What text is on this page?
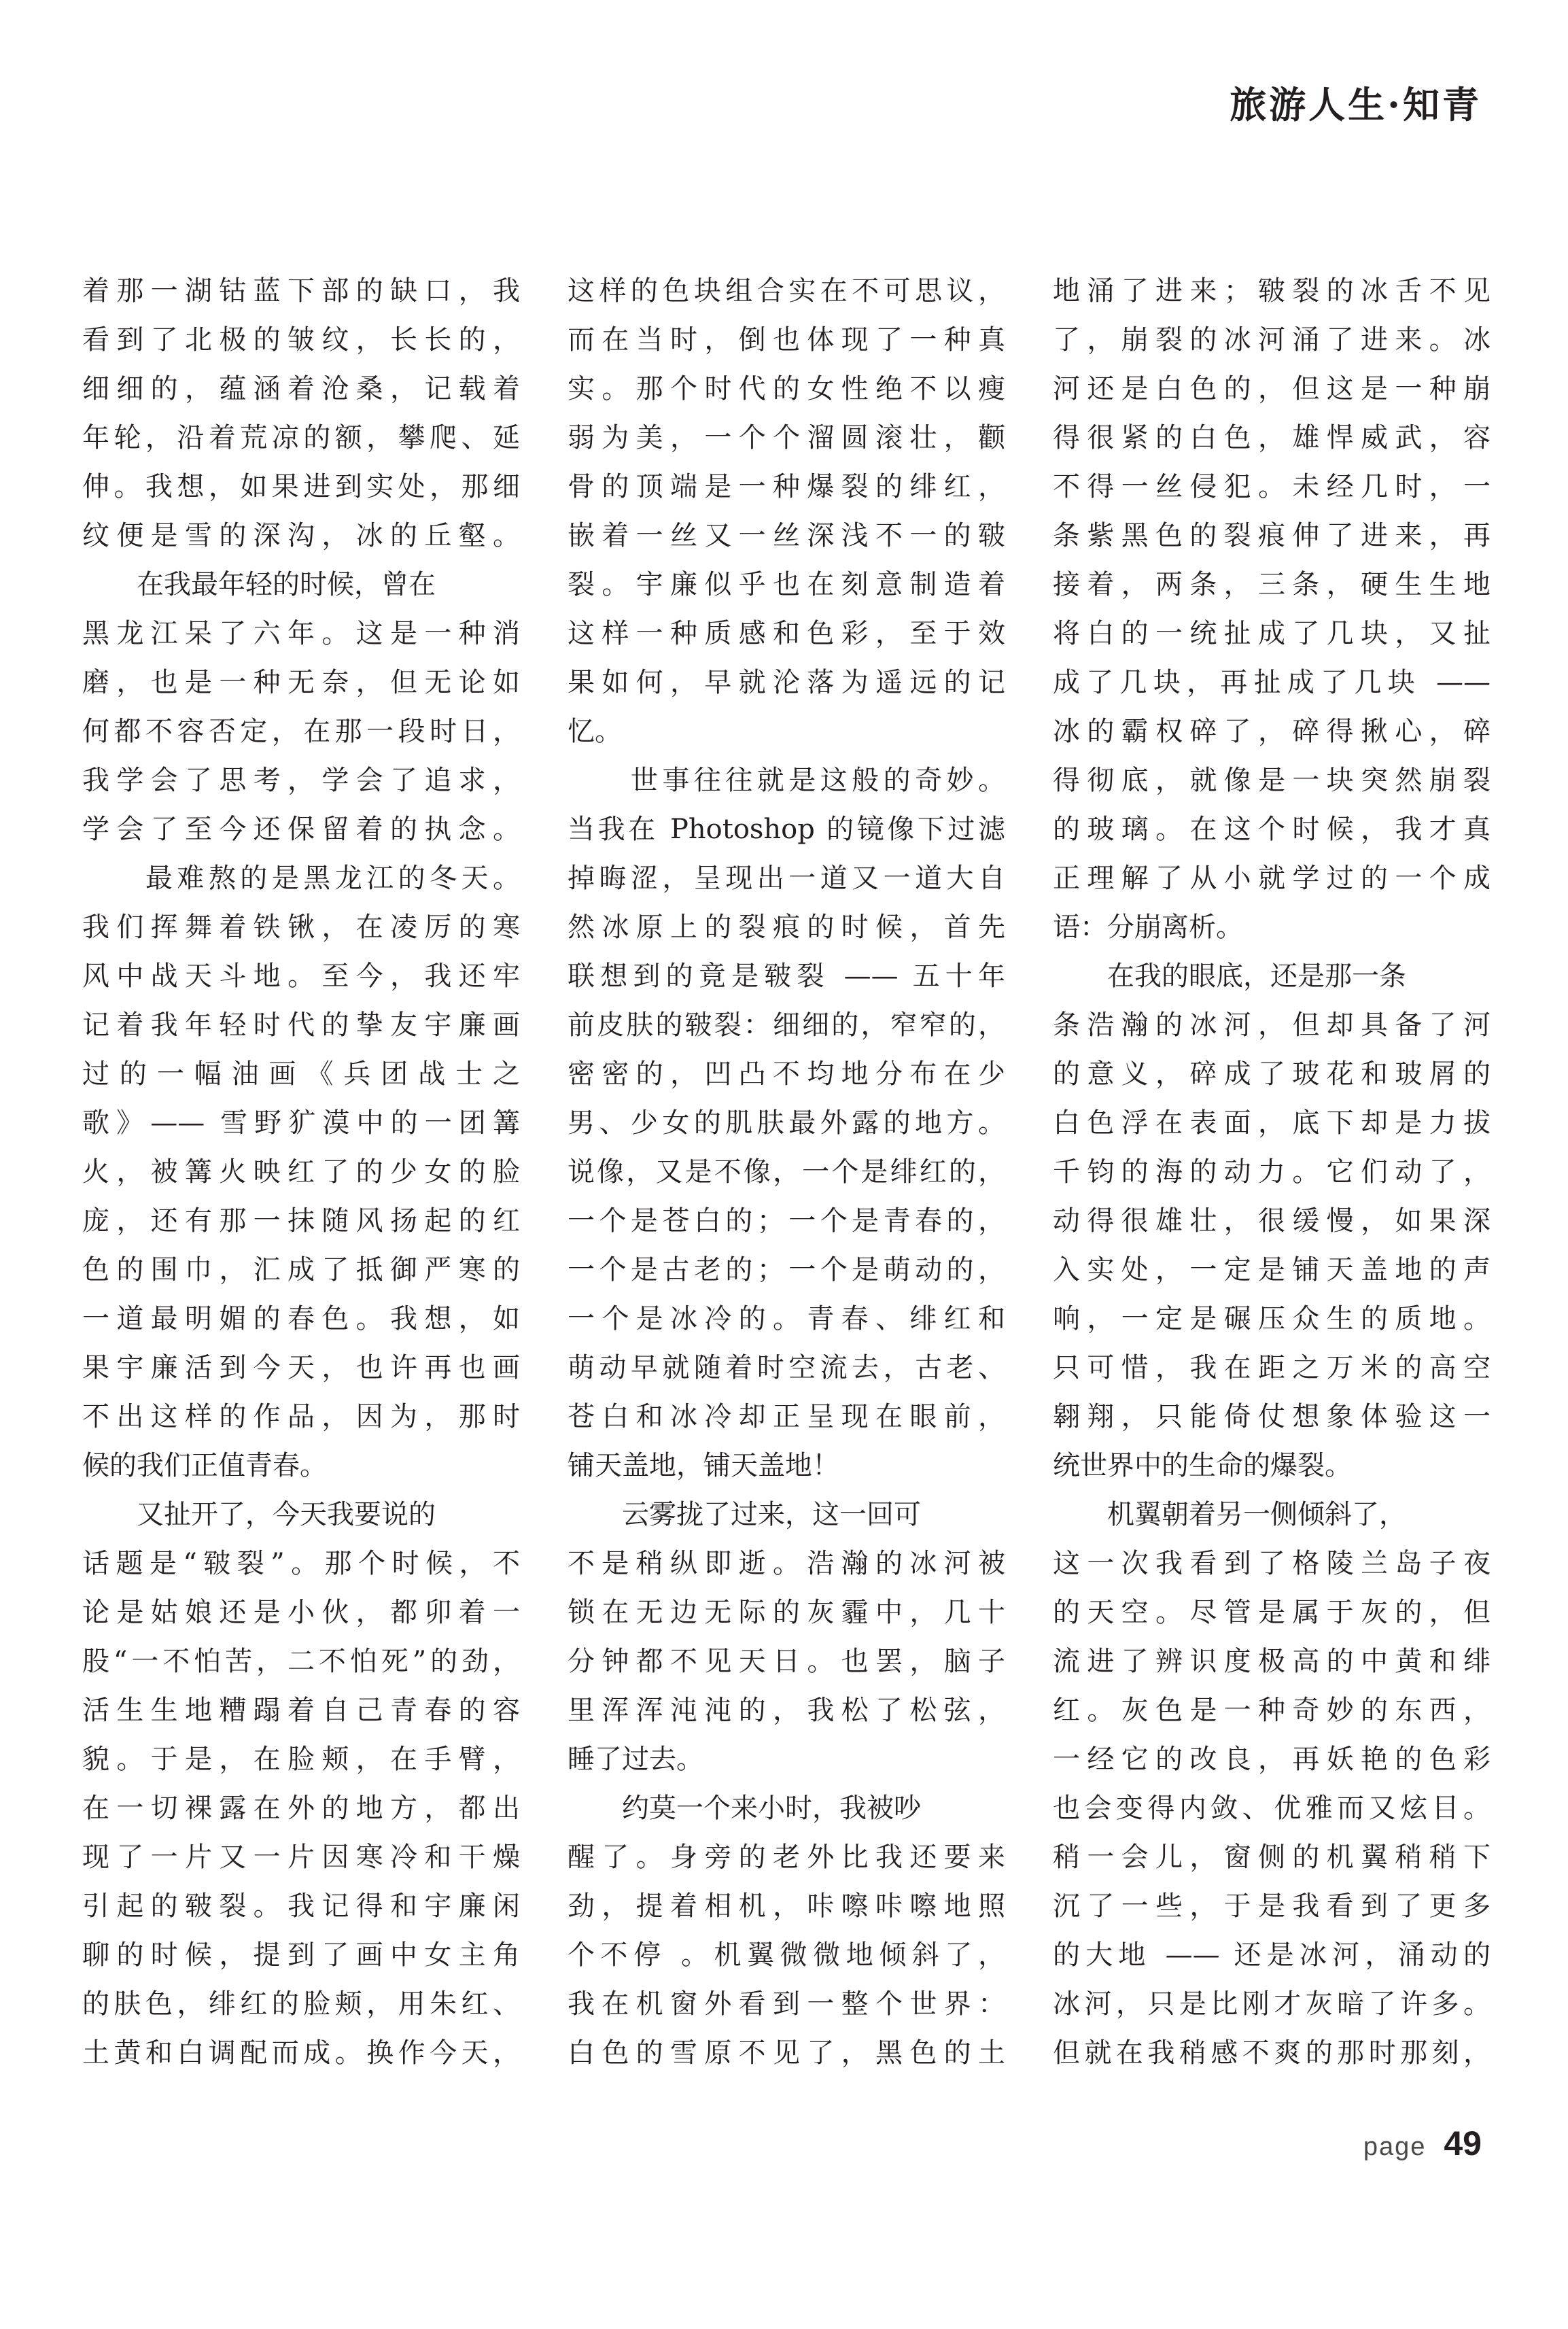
旅游人生·知青
着那一湖钴蓝下部的缺口，我
看到了北极的皱纹，长长的，
细细的，蕴涵着沧桑，记载着
年轮，沿着荒凉的额，攀爬、延
伸。我想，如果进到实处，那细
纹便是雪的深沟，冰的丘壑。
　　在我最年轻的时候，曾在
黑龙江呆了六年。这是一种消
磨，也是一种无奈，但无论如
何都不容否定，在那一段时日，
我学会了思考，学会了追求，
学会了至今还保留着的执念。
　　最难熬的是黑龙江的冬天。
我们挥舞着铁锹，在凌厉的寒
风中战天斗地。至今，我还牢
记着我年轻时代的挚友宇廉画
过的一幅油画《兵团战士之
歌》—— 雪野犷漠中的一团篝
火，被篝火映红了的少女的脸
庞，还有那一抹随风扬起的红
色的围巾，汇成了抵御严寒的
一道最明媚的春色。我想，如
果宇廉活到今天，也许再也画
不出这样的作品，因为，那时
候的我们正值青春。
　　又扯开了，今天我要说的
话题是“皲裂”。那个时候，不
论是姑娘还是小伙，都卯着一
股“一不怕苦，二不怕死”的劲，
活生生地糟蹋着自己青春的容
貌。于是，在脸颊，在手臂，
在一切裸露在外的地方，都出
现了一片又一片因寒冷和干燥
引起的皲裂。我记得和宇廉闲
聊的时候，提到了画中女主角
的肤色，绯红的脸颊，用朱红、
土黄和白调配而成。换作今天，
这样的色块组合实在不可思议，
而在当时，倒也体现了一种真
实。那个时代的女性绝不以瘦
弱为美，一个个溜圆滚壮，颧
骨的顶端是一种爆裂的绯红，
嵌着一丝又一丝深浅不一的皲
裂。宇廉似乎也在刻意制造着
这样一种质感和色彩，至于效
果如何，早就沦落为遥远的记
忆。
　　世事往往就是这般的奇妙。
当我在 Photoshop 的镜像下过滤
掉晦涩，呈现出一道又一道大自
然冰原上的裂痕的时候，首先
联想到的竟是皲裂 —— 五十年
前皮肤的皲裂：细细的，窄窄的，
密密的，凹凸不均地分布在少
男、少女的肌肤最外露的地方。
说像，又是不像，一个是绯红的，
一个是苍白的；一个是青春的，
一个是古老的；一个是萌动的，
一个是冰冷的。青春、绯红和
萌动早就随着时空流去，古老、
苍白和冰冷却正呈现在眼前，
铺天盖地，铺天盖地！
　　云雾拢了过来，这一回可
不是稍纵即逝。浩瀚的冰河被
锁在无边无际的灰霾中，几十
分钟都不见天日。也罢，脑子
里浑浑沌沌的，我松了松弦，
睡了过去。
　　约莫一个来小时，我被吵
醒了。身旁的老外比我还要来
劲，提着相机，咔嚓咔嚓地照
个不停 。机翼微微地倾斜了，
我在机窗外看到一整个世界：
白色的雪原不见了，黑色的土
地涌了进来；皲裂的冰舌不见
了，崩裂的冰河涌了进来。冰
河还是白色的，但这是一种崩
得很紧的白色，雄悍威武，容
不得一丝侵犯。未经几时，一
条紫黑色的裂痕伸了进来，再
接着，两条，三条，硬生生地
将白的一统扯成了几块，又扯
成了几块，再扯成了几块 ——
冰的霸权碎了，碎得揪心，碎
得彻底，就像是一块突然崩裂
的玻璃。在这个时候，我才真
正理解了从小就学过的一个成
语：分崩离析。
　　在我的眼底，还是那一条
条浩瀚的冰河，但却具备了河
的意义，碎成了玻花和玻屑的
白色浮在表面，底下却是力拔
千钧的海的动力。它们动了，
动得很雄壮，很缓慢，如果深
入实处，一定是铺天盖地的声
响，一定是碾压众生的质地。
只可惜，我在距之万米的高空
翱翔，只能倚仗想象体验这一
统世界中的生命的爆裂。
　　机翼朝着另一侧倾斜了，
这一次我看到了格陵兰岛子夜
的天空。尽管是属于灰的，但
流进了辨识度极高的中黄和绯
红。灰色是一种奇妙的东西，
一经它的改良，再妖艳的色彩
也会变得内敛、优雅而又炫目。
稍一会儿，窗侧的机翼稍稍下
沉了一些，于是我看到了更多
的大地 —— 还是冰河，涌动的
冰河，只是比刚才灰暗了许多。
但就在我稍感不爽的那时那刻，
page 49
